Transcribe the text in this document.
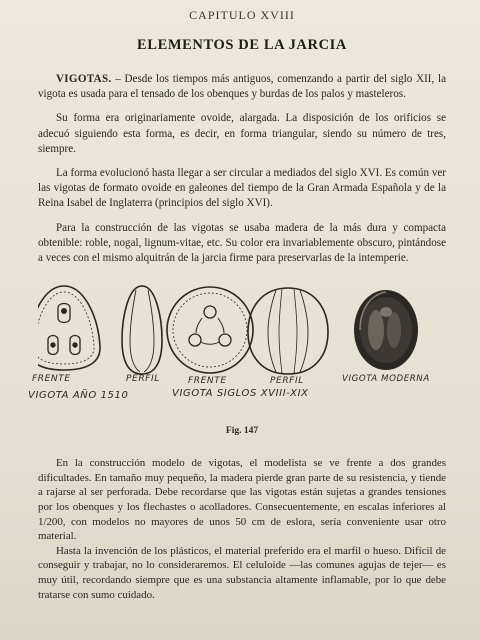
CAPITULO XVIII
ELEMENTOS DE LA JARCIA

VIGOTAS. – Desde los tiempos más antiguos, comenzando a partir del siglo XII, la vigota es usada para el tensado de los obenques y burdas de los palos y masteleros.

Su forma era originariamente ovoide, alargada. La disposición de los orificios se adecuó siguiendo esta forma, es decir, en forma triangular, siendo su número de tres, siempre.

La forma evolucionó hasta llegar a ser circular a mediados del siglo XVI. Es común ver las vigotas de formato ovoide en galeones del tiempo de la Gran Armada Española y de la Reina Isabel de Inglaterra (principios del siglo XVI).

Para la construcción de las vigotas se usaba madera de la más dura y compacta obtenible: roble, nogal, lignum-vitae, etc. Su color era invariablemente obscuro, pintándose a veces con el mismo alquitrán de la jarcia firme para preservarlas de la intemperie.

FRENTE	PERFIL
VIGOTA AÑO 1510
FRENTE	PERFIL
VIGOTA SIGLOS XVIII-XIX
VIGOTA MODERNA
Fig. 147

En la construcción modelo de vigotas, el modelista se ve frente a dos grandes dificultades. En tamaño muy pequeño, la madera pierde gran parte de su resistencia, y tiende a rajarse al ser perforada. Debe recordarse que las vigotas están sujetas a grandes tensiones por los obenques y los flechastes o acolladores. Consecuentemente, en escalas inferiores al 1/200, con modelos no mayores de unos 50 cm de eslora, sería conveniente usar otro material.

Hasta la invención de los plásticos, el material preferido era el marfil o hueso. Difícil de conseguir y trabajar, no lo consideraremos. El celuloide —las comunes agujas de tejer— es muy útil, recordando siempre que es una substancia altamente inflamable, por lo que debe tratarse con sumo cuidado.
